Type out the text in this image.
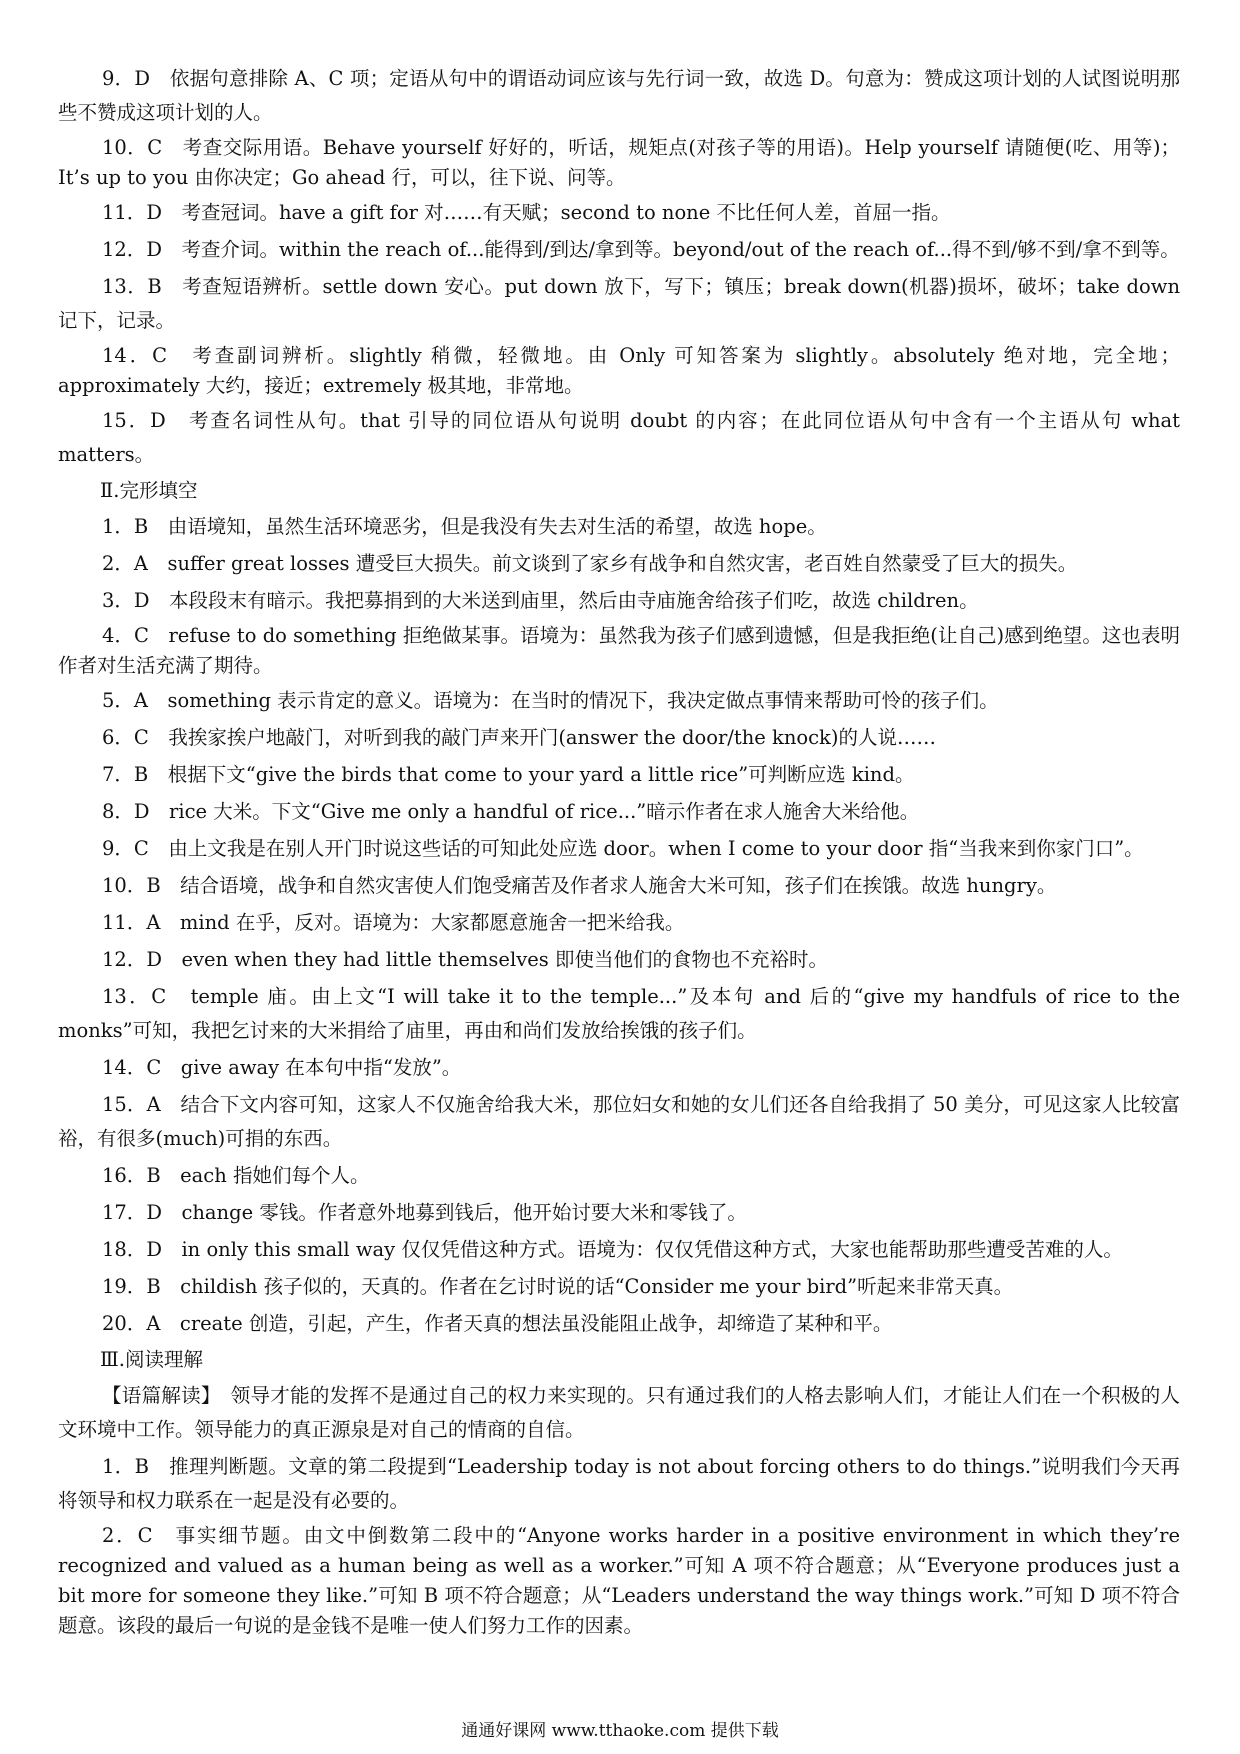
9．D　依据句意排除 A、C 项；定语从句中的谓语动词应该与先行词一致，故选 D。句意为：赞成这项计划的人试图说明那些不赞成这项计划的人。

10．C　考查交际用语。Behave yourself 好好的，听话，规矩点(对孩子等的用语)。Help yourself 请随便(吃、用等)；It’s up to you 由你决定；Go ahead 行，可以，往下说、问等。

11．D　考查冠词。have a gift for 对……有天赋；second to none 不比任何人差，首屈一指。

12．D　考查介词。within the reach of...能得到/到达/拿到等。beyond/out of the reach of...得不到/够不到/拿不到等。

13．B　考查短语辨析。settle down 安心。put down 放下，写下；镇压；break down(机器)损坏，破坏；take down 记下，记录。

14．C　考查副词辨析。slightly 稍微，轻微地。由 Only 可知答案为 slightly。absolutely 绝对地，完全地；approximately 大约，接近；extremely 极其地，非常地。

15．D　考查名词性从句。that 引导的同位语从句说明 doubt 的内容；在此同位语从句中含有一个主语从句 what matters。

Ⅱ.完形填空

1．B　由语境知，虽然生活环境恶劣，但是我没有失去对生活的希望，故选 hope。

2．A　suffer great losses 遭受巨大损失。前文谈到了家乡有战争和自然灾害，老百姓自然蒙受了巨大的损失。

3．D　本段段末有暗示。我把募捐到的大米送到庙里，然后由寺庙施舍给孩子们吃，故选 children。

4．C　refuse to do something 拒绝做某事。语境为：虽然我为孩子们感到遗憾，但是我拒绝(让自己)感到绝望。这也表明作者对生活充满了期待。

5．A　something 表示肯定的意义。语境为：在当时的情况下，我决定做点事情来帮助可怜的孩子们。

6．C　我挨家挨户地敲门，对听到我的敲门声来开门(answer the door/the knock)的人说……

7．B　根据下文“give the birds that come to your yard a little rice”可判断应选 kind。

8．D　rice 大米。下文“Give me only a handful of rice...”暗示作者在求人施舍大米给他。

9．C　由上文我是在别人开门时说这些话的可知此处应选 door。when I come to your door 指“当我来到你家门口”。

10．B　结合语境，战争和自然灾害使人们饱受痛苦及作者求人施舍大米可知，孩子们在挨饿。故选 hungry。

11．A　mind 在乎，反对。语境为：大家都愿意施舍一把米给我。

12．D　even when they had little themselves 即使当他们的食物也不充裕时。

13．C　temple 庙。由上文“I will take it to the temple...”及本句 and 后的“give my handfuls of rice to the monks”可知，我把乞讨来的大米捐给了庙里，再由和尚们发放给挨饿的孩子们。

14．C　give away 在本句中指“发放”。

15．A　结合下文内容可知，这家人不仅施舍给我大米，那位妇女和她的女儿们还各自给我捐了 50 美分，可见这家人比较富裕，有很多(much)可捐的东西。

16．B　each 指她们每个人。

17．D　change 零钱。作者意外地募到钱后，他开始讨要大米和零钱了。

18．D　in only this small way 仅仅凭借这种方式。语境为：仅仅凭借这种方式，大家也能帮助那些遭受苦难的人。

19．B　childish 孩子似的，天真的。作者在乞讨时说的话“Consider me your bird”听起来非常天真。

20．A　create 创造，引起，产生，作者天真的想法虽没能阻止战争，却缔造了某种和平。

Ⅲ.阅读理解

【语篇解读】　领导才能的发挥不是通过自己的权力来实现的。只有通过我们的人格去影响人们，才能让人们在一个积极的人文环境中工作。领导能力的真正源泉是对自己的情商的自信。

1．B　推理判断题。文章的第二段提到“Leadership today is not about forcing others to do things.”说明我们今天再将领导和权力联系在一起是没有必要的。

2．C　事实细节题。由文中倒数第二段中的“Anyone works harder in a positive environment in which they’re recognized and valued as a human being as well as a worker.”可知 A 项不符合题意；从“Everyone produces just a bit more for someone they like.”可知 B 项不符合题意；从“Leaders understand the way things work.”可知 D 项不符合题意。该段的最后一句说的是金钱不是唯一使人们努力工作的因素。

通通好课网 www.tthaoke.com 提供下载
